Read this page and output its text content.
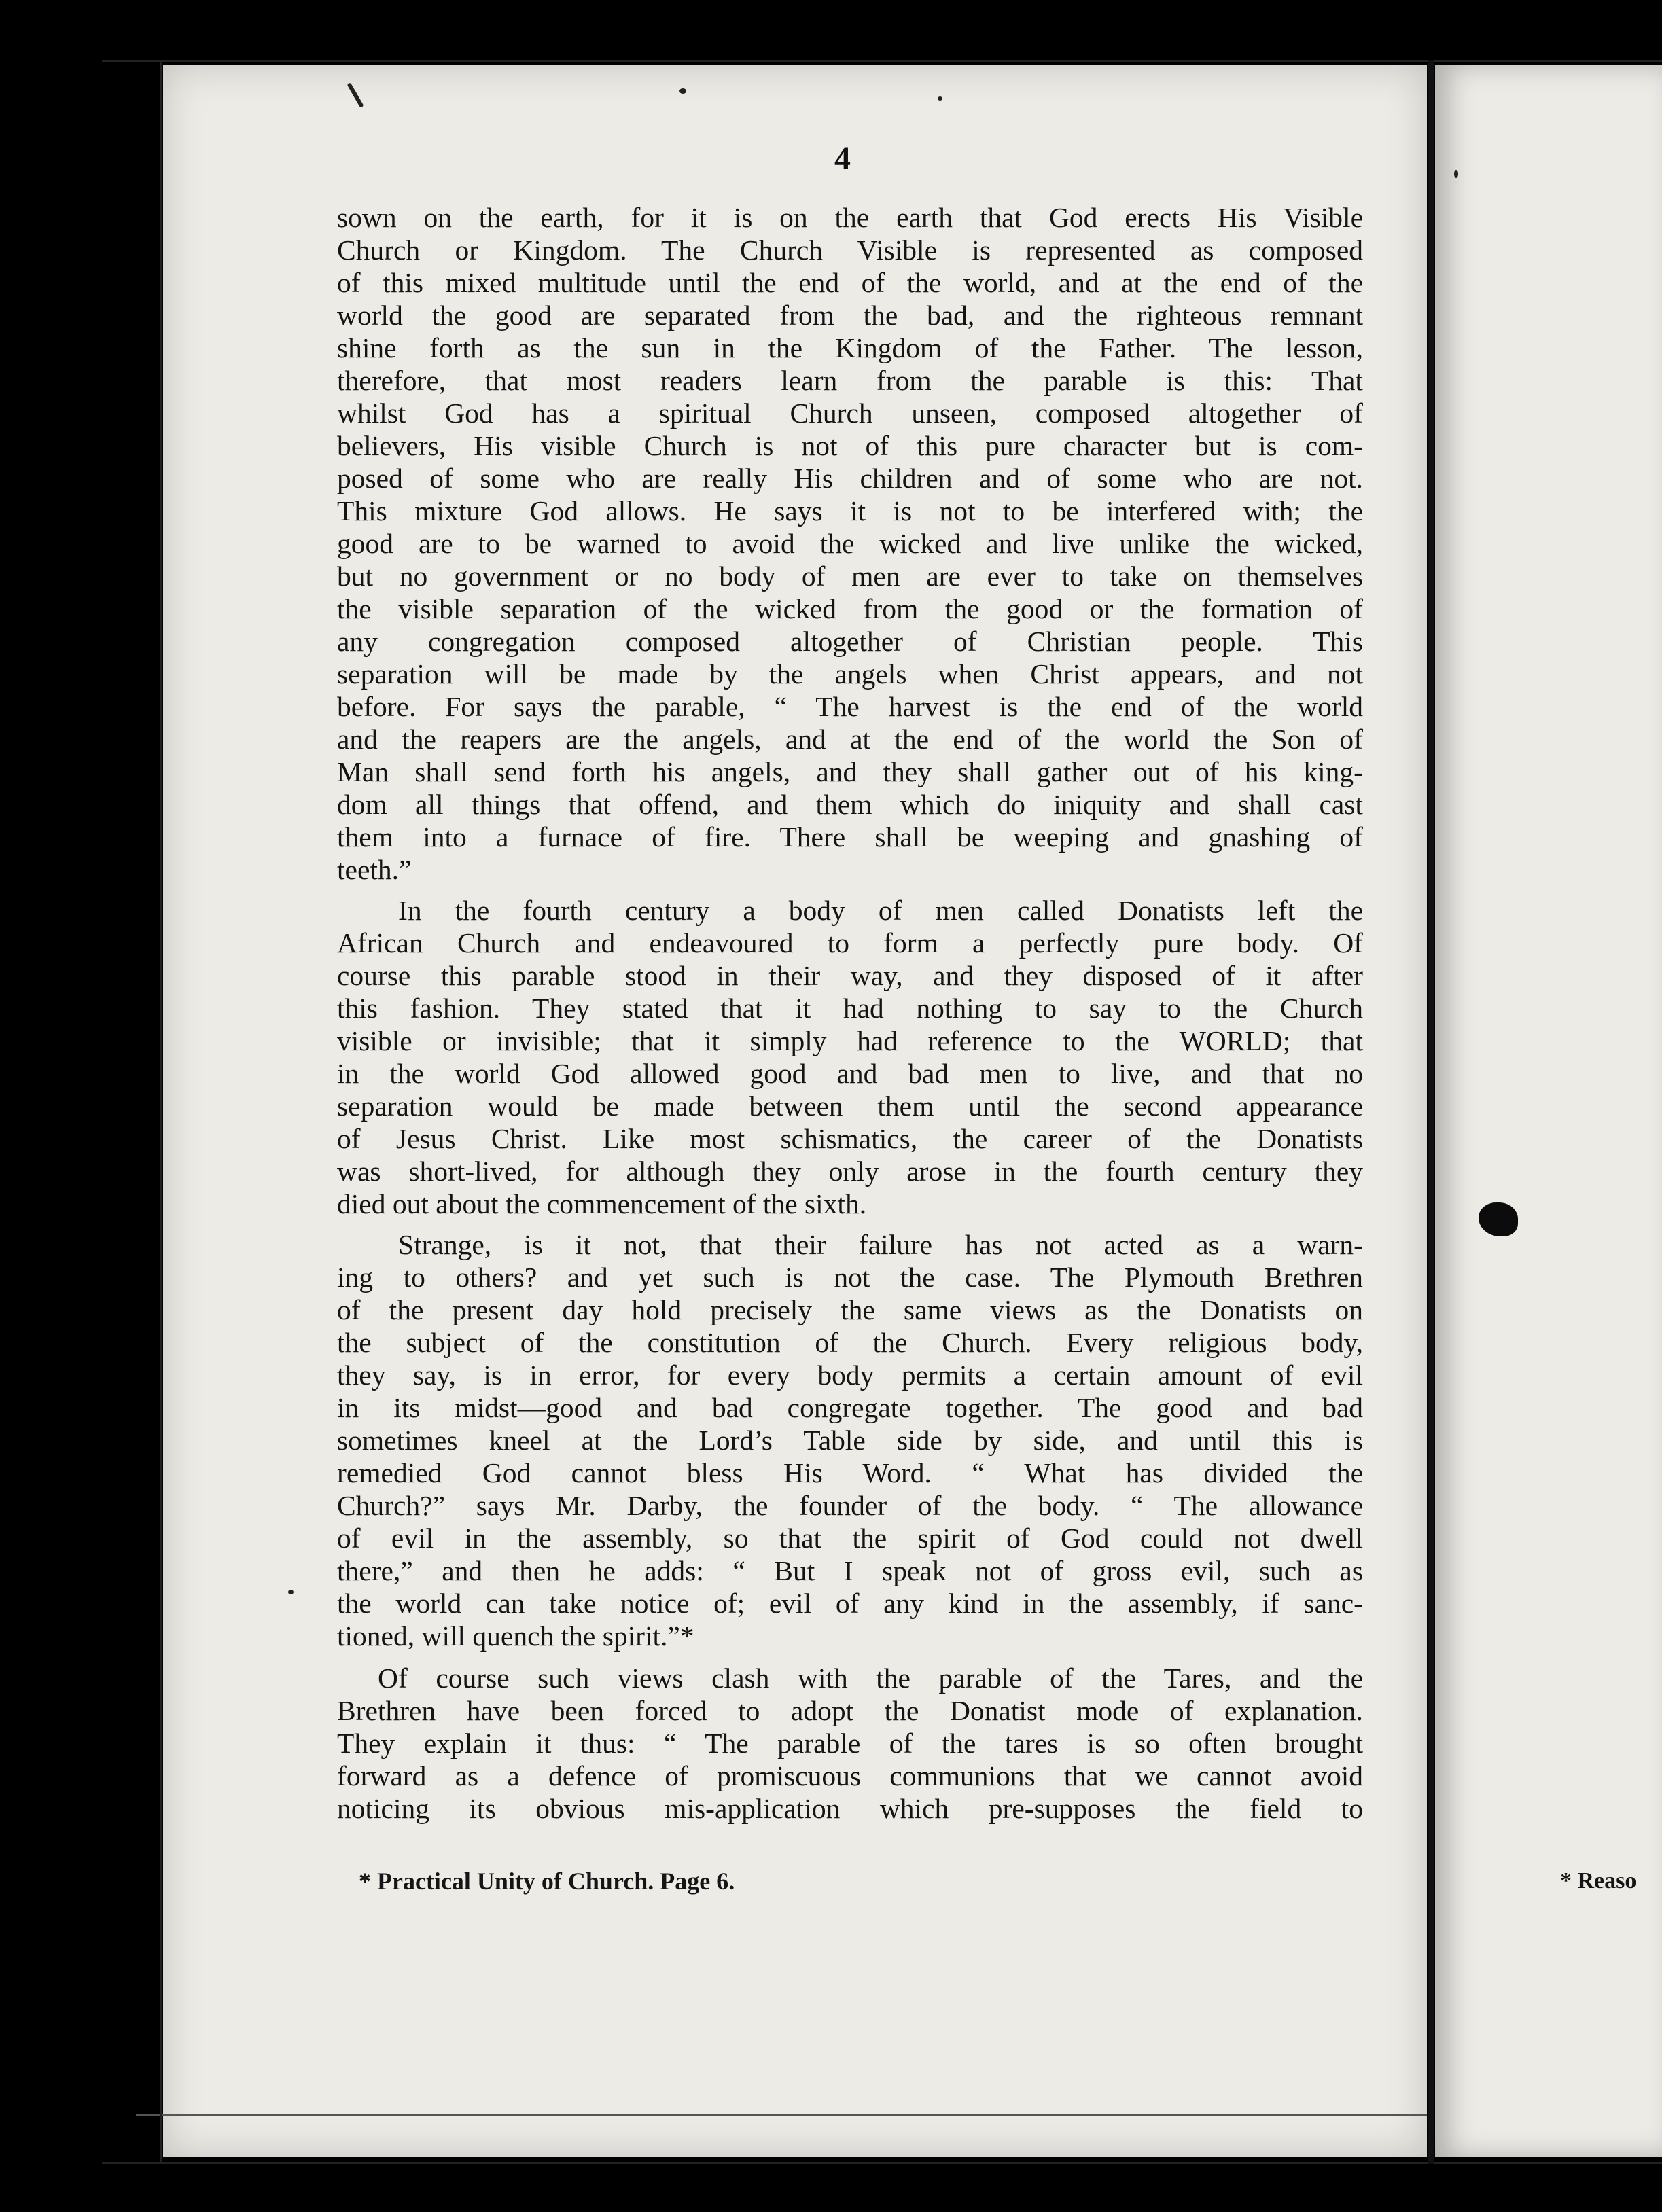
4
sown on the earth, for it is on the earth that God erects His Visible
Church or Kingdom. The Church Visible is represented as composed
of this mixed multitude until the end of the world, and at the end of the
world the good are separated from the bad, and the righteous remnant
shine forth as the sun in the Kingdom of the Father. The lesson,
therefore, that most readers learn from the parable is this: That
whilst God has a spiritual Church unseen, composed altogether of
believers, His visible Church is not of this pure character but is com-
posed of some who are really His children and of some who are not.
This mixture God allows. He says it is not to be interfered with; the
good are to be warned to avoid the wicked and live unlike the wicked,
but no government or no body of men are ever to take on themselves
the visible separation of the wicked from the good or the formation of
any congregation composed altogether of Christian people. This
separation will be made by the angels when Christ appears, and not
before. For says the parable, “ The harvest is the end of the world
and the reapers are the angels, and at the end of the world the Son of
Man shall send forth his angels, and they shall gather out of his king-
dom all things that offend, and them which do iniquity and shall cast
them into a furnace of fire. There shall be weeping and gnashing of
teeth.”
In the fourth century a body of men called Donatists left the
African Church and endeavoured to form a perfectly pure body. Of
course this parable stood in their way, and they disposed of it after
this fashion. They stated that it had nothing to say to the Church
visible or invisible; that it simply had reference to the WORLD; that
in the world God allowed good and bad men to live, and that no
separation would be made between them until the second appearance
of Jesus Christ. Like most schismatics, the career of the Donatists
was short-lived, for although they only arose in the fourth century they
died out about the commencement of the sixth.
Strange, is it not, that their failure has not acted as a warn-
ing to others? and yet such is not the case. The Plymouth Brethren
of the present day hold precisely the same views as the Donatists on
the subject of the constitution of the Church. Every religious body,
they say, is in error, for every body permits a certain amount of evil
in its midst—good and bad congregate together. The good and bad
sometimes kneel at the Lord’s Table side by side, and until this is
remedied God cannot bless His Word. “ What has divided the
Church?” says Mr. Darby, the founder of the body. “ The allowance
of evil in the assembly, so that the spirit of God could not dwell
there,” and then he adds: “ But I speak not of gross evil, such as
the world can take notice of; evil of any kind in the assembly, if sanc-
tioned, will quench the spirit.”*
Of course such views clash with the parable of the Tares, and the
Brethren have been forced to adopt the Donatist mode of explanation.
They explain it thus: “ The parable of the tares is so often brought
forward as a defence of promiscuous communions that we cannot avoid
noticing its obvious mis-application which pre-supposes the field to
* Practical Unity of Church. Page 6.	* Reaso
